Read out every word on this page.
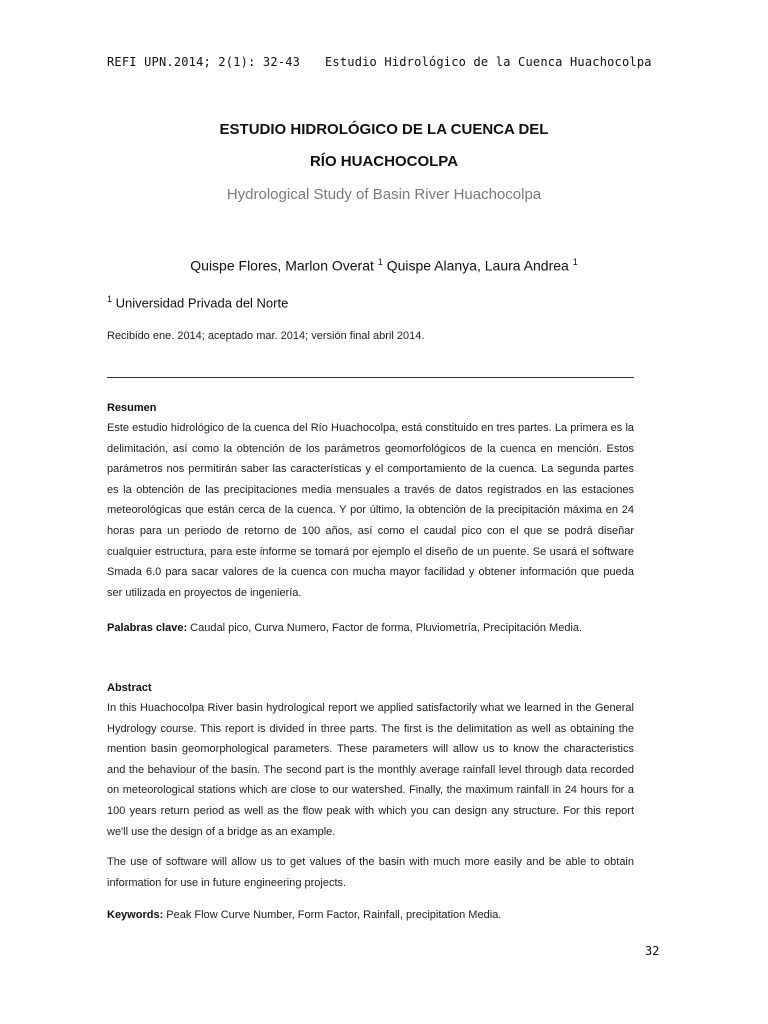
REFI UPN.2014; 2(1): 32-43 Estudio Hidrológico de la Cuenca Huachocolpa
ESTUDIO HIDROLÓGICO DE LA CUENCA DEL
RÍO HUACHOCOLPA
Hydrological Study of Basin River Huachocolpa
Quispe Flores, Marlon Overat $^1$ Quispe Alanya, Laura Andrea $^1$
$^1$ Universidad Privada del Norte
Recibido ene. 2014; aceptado mar. 2014; versión final abril 2014.
Resumen

Este estudio hidrológico de la cuenca del Río Huachocolpa, está constituido en tres partes. La primera es la delimitación, así como la obtención de los parámetros geomorfológicos de la cuenca en mención. Estos parámetros nos permitirán saber las características y el comportamiento de la cuenca. La segunda partes es la obtención de las precipitaciones media mensuales a través de datos registrados en las estaciones meteorológicas que están cerca de la cuenca. Y por último, la obtención de la precipitación máxima en 24 horas para un periodo de retorno de 100 años, así como el caudal pico con el que se podrá diseñar cualquier estructura, para este informe se tomará por ejemplo el diseño de un puente. Se usará el software Smada 6.0 para sacar valores de la cuenca con mucha mayor facilidad y obtener información que pueda ser utilizada en proyectos de ingeniería.

Palabras clave: Caudal pico, Curva Numero, Factor de forma, Pluviometría, Precipitación Media.
Abstract

In this Huachocolpa River basin hydrological report we applied satisfactorily what we learned in the General Hydrology course. This report is divided in three parts. The first is the delimitation as well as obtaining the mention basin geomorphological parameters. These parameters will allow us to know the characteristics and the behaviour of the basin. The second part is the monthly average rainfall level through data recorded on meteorological stations which are close to our watershed. Finally, the maximum rainfall in 24 hours for a 100 years return period as well as the flow peak with which you can design any structure. For this report we'll use the design of a bridge as an example.

The use of software will allow us to get values of the basin with much more easily and be able to obtain information for use in future engineering projects.

Keywords: Peak Flow Curve Number, Form Factor, Rainfall, precipitation Media.
32
